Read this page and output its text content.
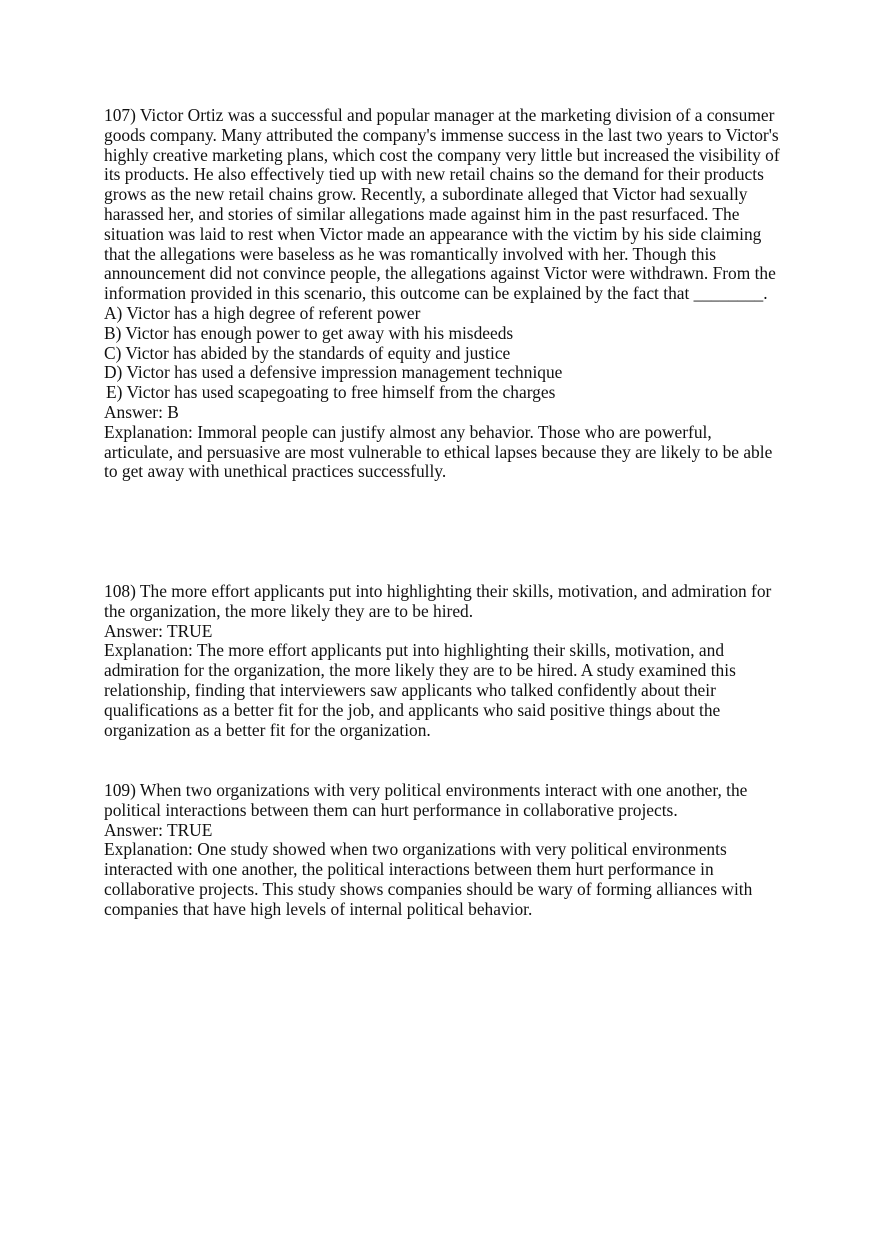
107) Victor Ortiz was a successful and popular manager at the marketing division of a consumer
goods company. Many attributed the company's immense success in the last two years to Victor's
highly creative marketing plans, which cost the company very little but increased the visibility of
its products. He also effectively tied up with new retail chains so the demand for their products
grows as the new retail chains grow. Recently, a subordinate alleged that Victor had sexually
harassed her, and stories of similar allegations made against him in the past resurfaced. The
situation was laid to rest when Victor made an appearance with the victim by his side claiming
that the allegations were baseless as he was romantically involved with her. Though this
announcement did not convince people, the allegations against Victor were withdrawn. From the
information provided in this scenario, this outcome can be explained by the fact that ________.
A) Victor has a high degree of referent power
B) Victor has enough power to get away with his misdeeds
C) Victor has abided by the standards of equity and justice
D) Victor has used a defensive impression management technique
E) Victor has used scapegoating to free himself from the charges
Answer: B
Explanation: Immoral people can justify almost any behavior. Those who are powerful,
articulate, and persuasive are most vulnerable to ethical lapses because they are likely to be able
to get away with unethical practices successfully.
108) The more effort applicants put into highlighting their skills, motivation, and admiration for
the organization, the more likely they are to be hired.
Answer: TRUE
Explanation: The more effort applicants put into highlighting their skills, motivation, and
admiration for the organization, the more likely they are to be hired. A study examined this
relationship, finding that interviewers saw applicants who talked confidently about their
qualifications as a better fit for the job, and applicants who said positive things about the
organization as a better fit for the organization.
109) When two organizations with very political environments interact with one another, the
political interactions between them can hurt performance in collaborative projects.
Answer: TRUE
Explanation: One study showed when two organizations with very political environments
interacted with one another, the political interactions between them hurt performance in
collaborative projects. This study shows companies should be wary of forming alliances with
companies that have high levels of internal political behavior.
